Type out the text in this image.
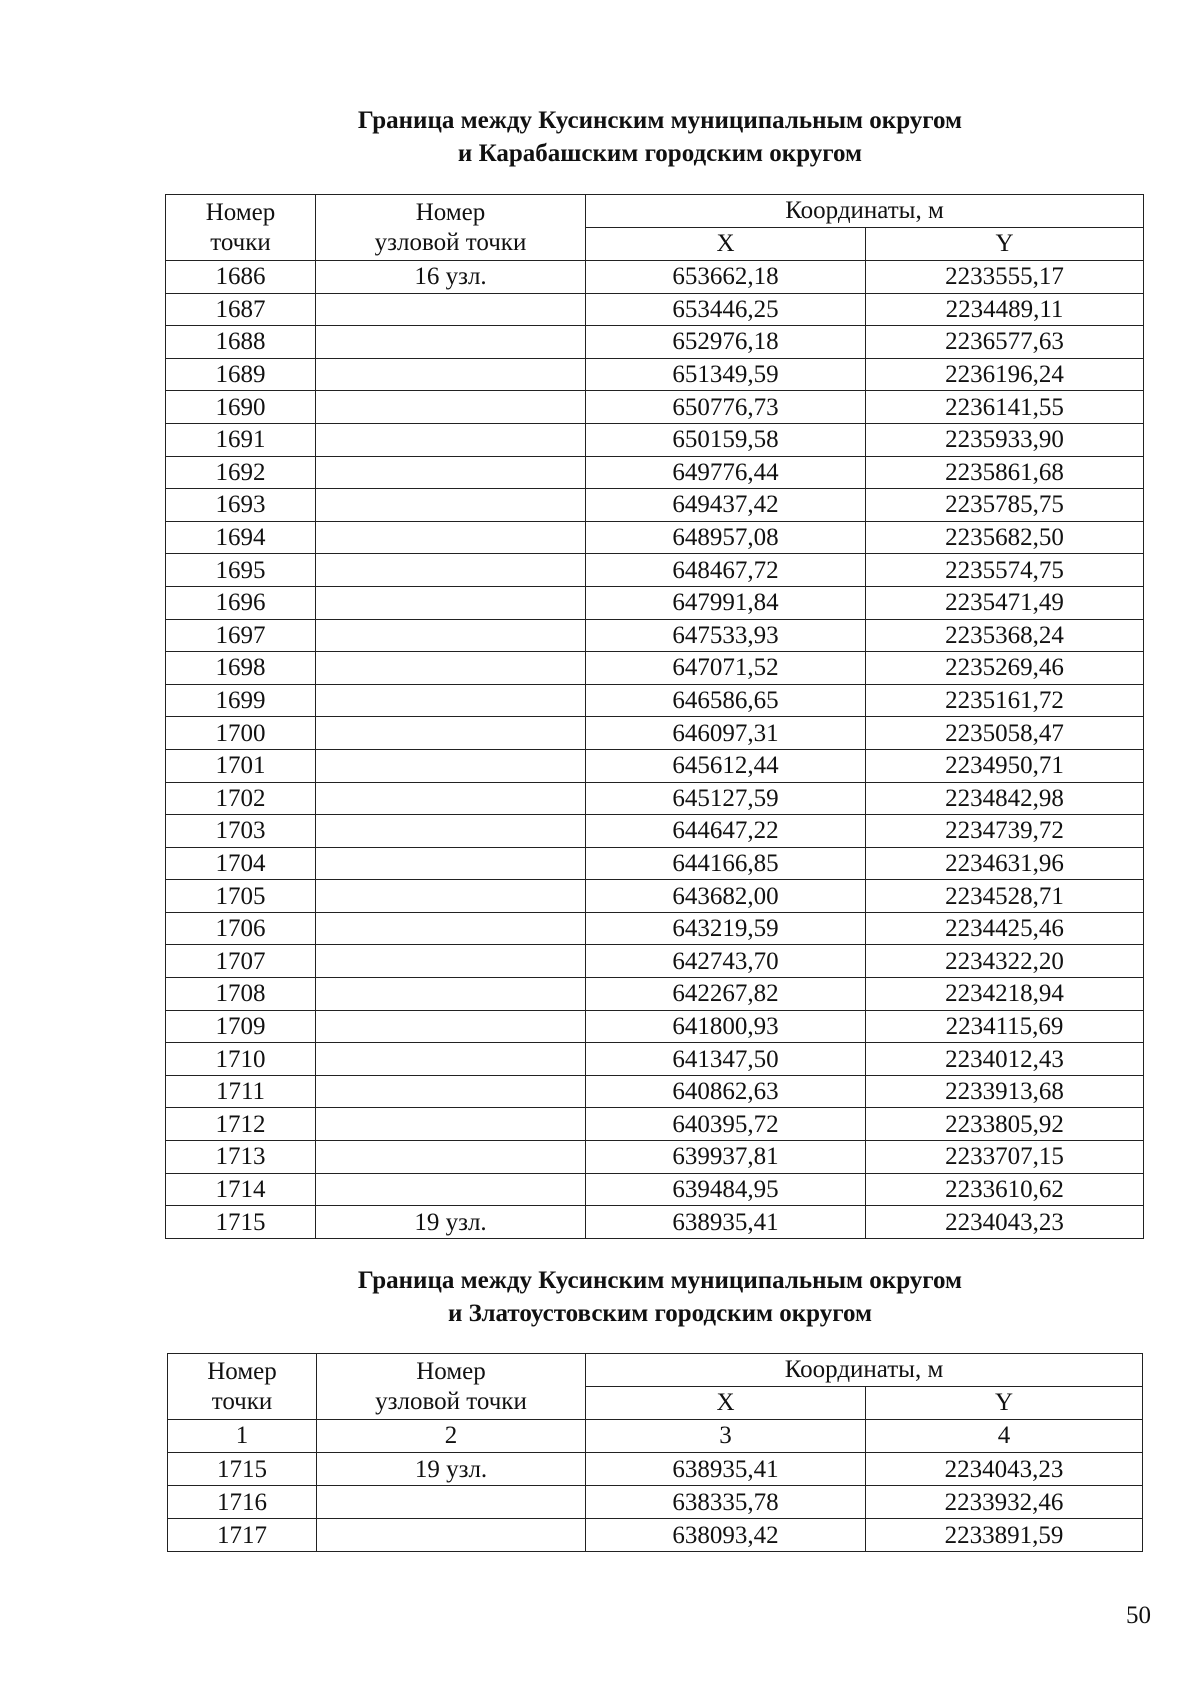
Граница между Кусинским муниципальным округом
и Карабашским городским округом
Номер
точки	Номер
узловой точки	Координаты, м	
		X	Y
1686	16 узл.	653662,18	2233555,17
1687		653446,25	2234489,11
1688		652976,18	2236577,63
1689		651349,59	2236196,24
1690		650776,73	2236141,55
1691		650159,58	2235933,90
1692		649776,44	2235861,68
1693		649437,42	2235785,75
1694		648957,08	2235682,50
1695		648467,72	2235574,75
1696		647991,84	2235471,49
1697		647533,93	2235368,24
1698		647071,52	2235269,46
1699		646586,65	2235161,72
1700		646097,31	2235058,47
1701		645612,44	2234950,71
1702		645127,59	2234842,98
1703		644647,22	2234739,72
1704		644166,85	2234631,96
1705		643682,00	2234528,71
1706		643219,59	2234425,46
1707		642743,70	2234322,20
1708		642267,82	2234218,94
1709		641800,93	2234115,69
1710		641347,50	2234012,43
1711		640862,63	2233913,68
1712		640395,72	2233805,92
1713		639937,81	2233707,15
1714		639484,95	2233610,62
1715	19 узл.	638935,41	2234043,23
Граница между Кусинским муниципальным округом
и Златоустовским городским округом
Номер
точки	Номер
узловой точки	Координаты, м	
		X	Y
1	2	3	4
1715	19 узл.	638935,41	2234043,23
1716		638335,78	2233932,46
1717		638093,42	2233891,59
50
